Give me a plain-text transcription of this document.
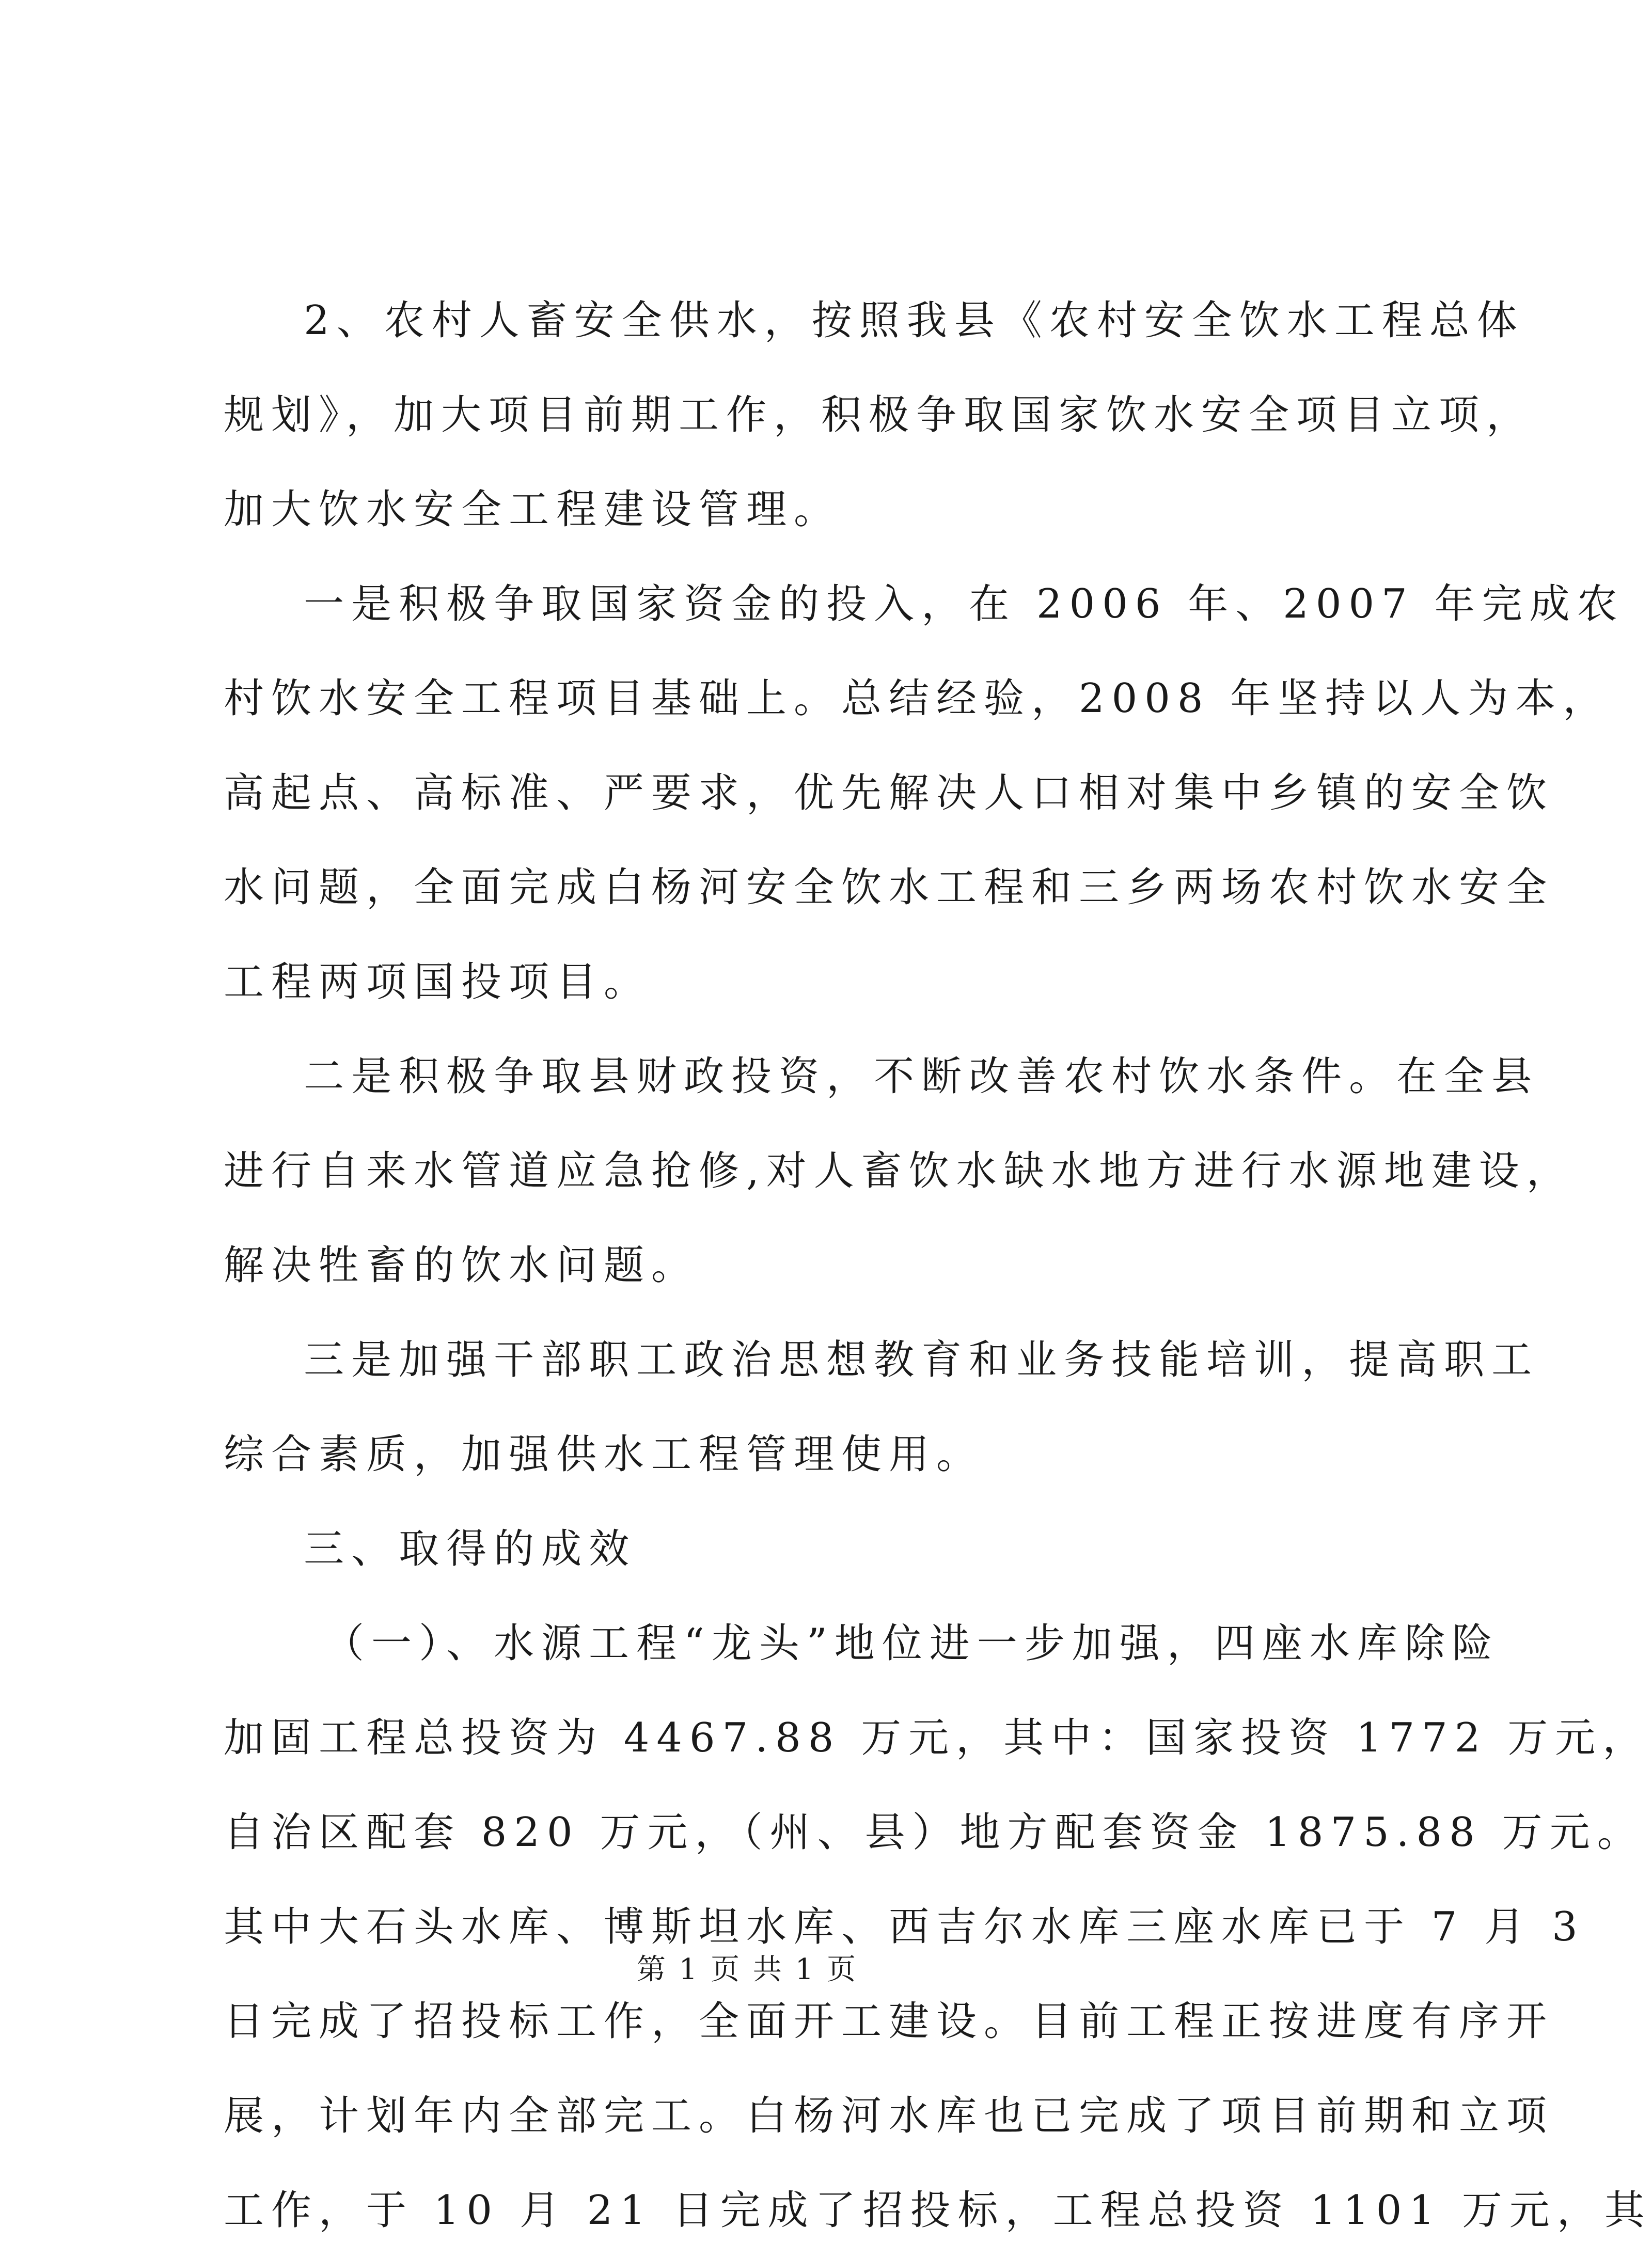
2、农村人畜安全供水，按照我县《农村安全饮水工程总体
规划》，加大项目前期工作，积极争取国家饮水安全项目立项，
加大饮水安全工程建设管理。
一是积极争取国家资金的投入，在 2006 年、2007 年完成农
村饮水安全工程项目基础上。总结经验，2008 年坚持以人为本，
高起点、高标准、严要求，优先解决人口相对集中乡镇的安全饮
水问题，全面完成白杨河安全饮水工程和三乡两场农村饮水安全
工程两项国投项目。
二是积极争取县财政投资，不断改善农村饮水条件。在全县
进行自来水管道应急抢修,对人畜饮水缺水地方进行水源地建设，
解决牲畜的饮水问题。
三是加强干部职工政治思想教育和业务技能培训，提高职工
综合素质，加强供水工程管理使用。
三、取得的成效
（一）、水源工程“龙头”地位进一步加强，四座水库除险
加固工程总投资为 4467.88 万元，其中：国家投资 1772 万元，
自治区配套 820 万元，（州、县）地方配套资金 1875.88 万元。
其中大石头水库、博斯坦水库、西吉尔水库三座水库已于 7 月 3
日完成了招投标工作，全面开工建设。目前工程正按进度有序开
展，计划年内全部完工。白杨河水库也已完成了项目前期和立项
工作，于 10 月 21 日完成了招投标，工程总投资 1101 万元，其
第 1 页 共 1 页
